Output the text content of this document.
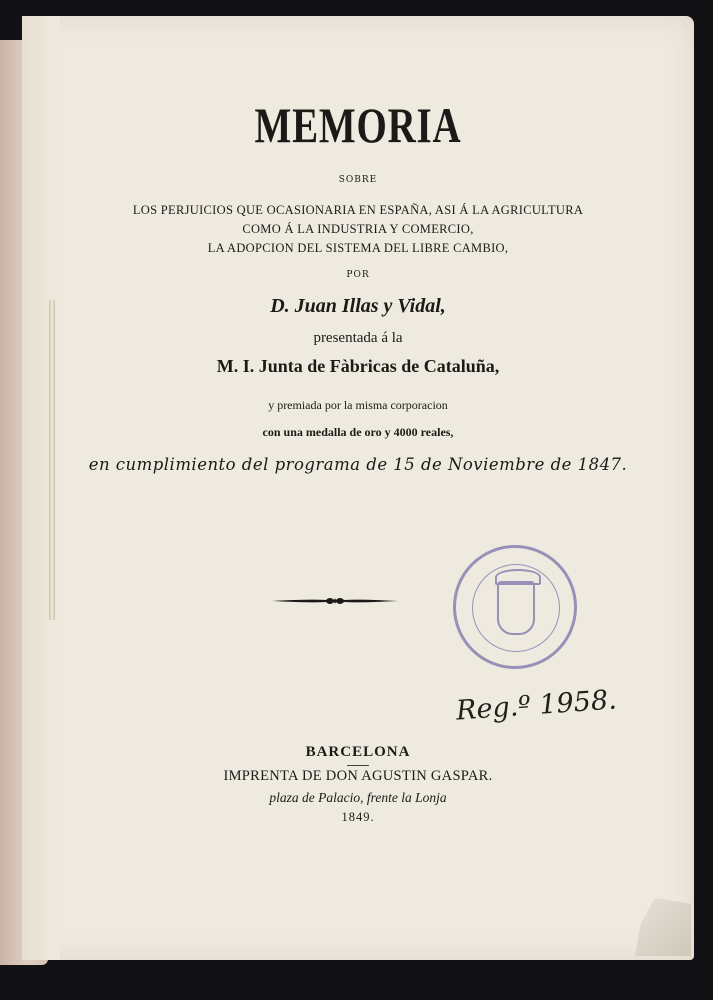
MEMORIA
SOBRE
LOS PERJUICIOS QUE OCASIONARIA EN ESPAÑA, ASI Á LA AGRICULTURA
COMO Á LA INDUSTRIA Y COMERCIO,
LA ADOPCION DEL SISTEMA DEL LIBRE CAMBIO,
POR
D. Juan Illas y Vidal,
presentada á la
M. I. Junta de Fàbricas de Cataluña,
y premiada por la misma corporacion
con una medalla de oro y 4000 reales,
en cumplimiento del programa de 15 de Noviembre de 1847.
Reg.º 1958.
BARCELONA
IMPRENTA DE DON AGUSTIN GASPAR.
plaza de Palacio, frente la Lonja
1849.
